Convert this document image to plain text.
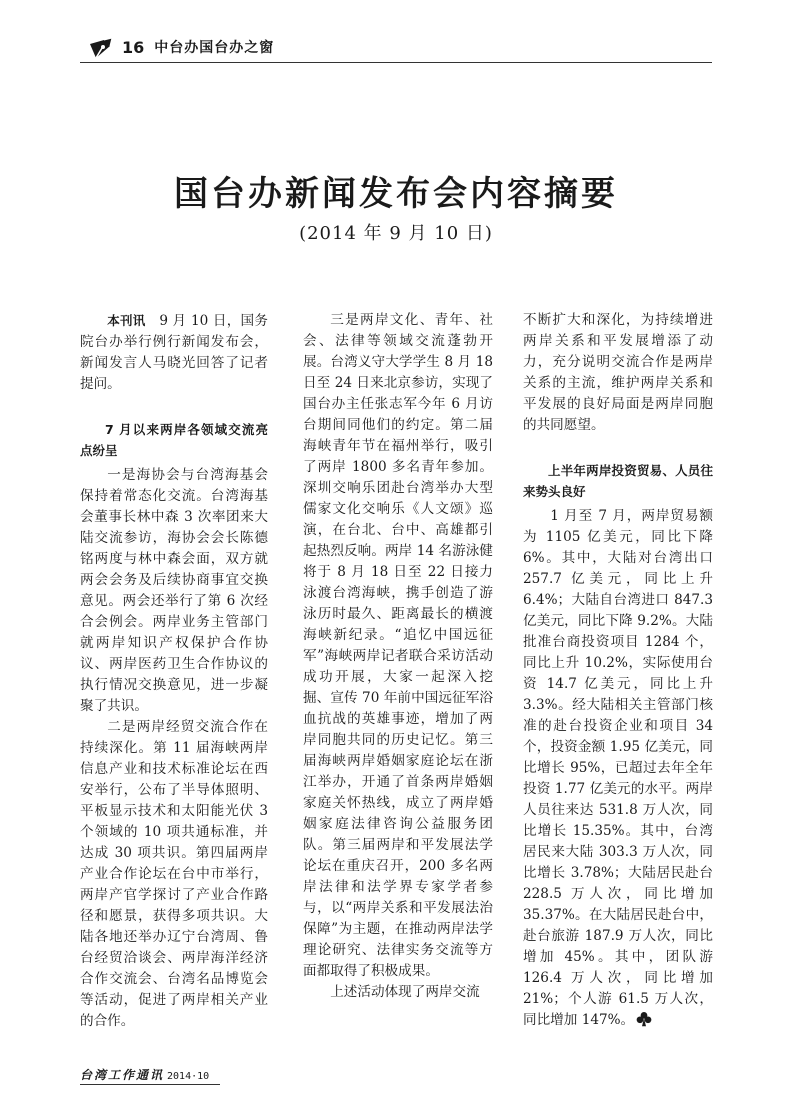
16 中台办国台办之窗
国台办新闻发布会内容摘要
(2014 年 9 月 10 日)

本刊讯　 9 月 10 日，国务院台办举行例行新闻发布会，新闻发言人马晓光回答了记者提问。

7 月以来两岸各领域交流亮点纷呈

一是海协会与台湾海基会保持着常态化交流。台湾海基会董事长林中森 3 次率团来大陆交流参访，海协会会长陈德铭两度与林中森会面，双方就两会会务及后续协商事宜交换意见。两会还举行了第 6 次经合会例会。两岸业务主管部门就两岸知识产权保护合作协议、两岸医药卫生合作协议的执行情况交换意见，进一步凝聚了共识。

二是两岸经贸交流合作在持续深化。第 11 届海峡两岸信息产业和技术标准论坛在西安举行，公布了半导体照明、平板显示技术和太阳能光伏 3 个领域的 10 项共通标准，并达成 30 项共识。第四届两岸产业合作论坛在台中市举行，两岸产官学探讨了产业合作路径和愿景，获得多项共识。大陆各地还举办辽宁台湾周、鲁台经贸洽谈会、两岸海洋经济合作交流会、台湾名品博览会等活动，促进了两岸相关产业的合作。

三是两岸文化、青年、社会、法律等领域交流蓬勃开展。台湾义守大学学生 8 月 18 日至 24 日来北京参访，实现了国台办主任张志军今年 6 月访台期间同他们的约定。第二届海峡青年节在福州举行，吸引了两岸 1800 多名青年参加。深圳交响乐团赴台湾举办大型儒家文化交响乐《人文颂》巡演，在台北、台中、高雄都引起热烈反响。两岸 14 名游泳健将于 8 月 18 日至 22 日接力泳渡台湾海峡，携手创造了游泳历时最久、距离最长的横渡海峡新纪录。“追忆中国远征军”海峡两岸记者联合采访活动成功开展，大家一起深入挖掘、宣传 70 年前中国远征军浴血抗战的英雄事迹，增加了两岸同胞共同的历史记忆。第三届海峡两岸婚姻家庭论坛在浙江举办，开通了首条两岸婚姻家庭关怀热线，成立了两岸婚姻家庭法律咨询公益服务团队。第三届两岸和平发展法学论坛在重庆召开，200 多名两岸法律和法学界专家学者参与，以“两岸关系和平发展法治保障”为主题，在推动两岸法学理论研究、法律实务交流等方面都取得了积极成果。

上述活动体现了两岸交流

不断扩大和深化，为持续增进两岸关系和平发展增添了动力，充分说明交流合作是两岸关系的主流，维护两岸关系和平发展的良好局面是两岸同胞的共同愿望。

上半年两岸投资贸易、人员往来势头良好

1 月至 7 月，两岸贸易额为 1105 亿美元，同比下降 6%。其中，大陆对台湾出口 257.7 亿美元，同比上升 6.4%；大陆自台湾进口 847.3 亿美元，同比下降 9.2%。大陆批准台商投资项目 1284 个，同比上升 10.2%，实际使用台资 14.7 亿美元，同比上升 3.3%。经大陆相关主管部门核准的赴台投资企业和项目 34 个，投资金额 1.95 亿美元，同比增长 95%，已超过去年全年投资 1.77 亿美元的水平。两岸人员往来达 531.8 万人次，同比增长 15.35%。其中，台湾居民来大陆 303.3 万人次，同比增长 3.78%；大陆居民赴台 228.5 万人次，同比增加 35.37%。在大陆居民赴台中，赴台旅游 187.9 万人次，同比增加 45%。其中，团队游 126.4 万人次，同比增加 21%；个人游 61.5 万人次，同比增加 147%。

台湾工作通讯 2014·10
